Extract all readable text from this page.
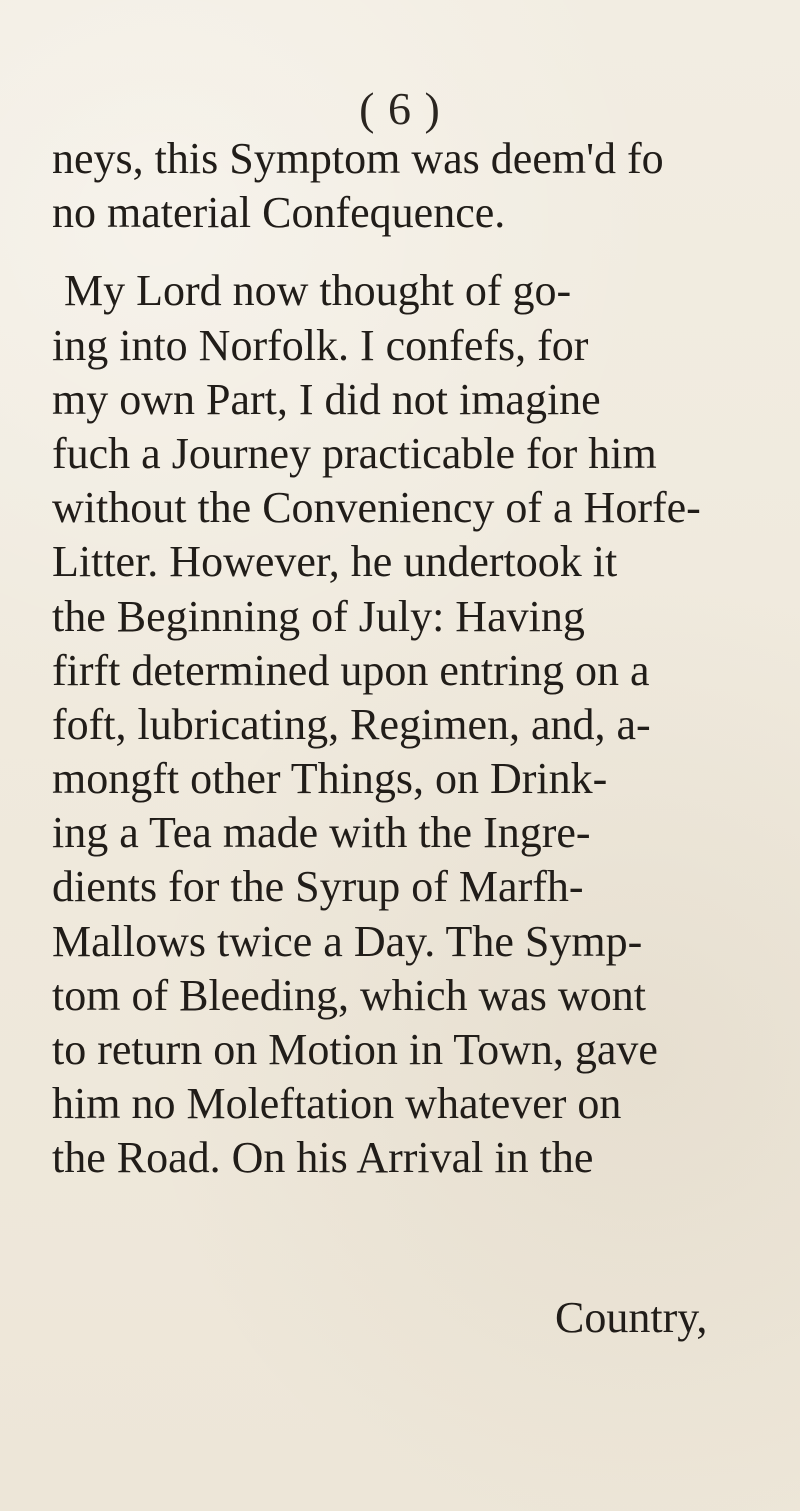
( 6 )
neys, this Symptom was deem'd fo
no material Confequence.
My Lord now thought of go-
ing into Norfolk. I confefs, for
my own Part, I did not imagine
fuch a Journey practicable for him
without the Conveniency of a Horfe-
Litter. However, he undertook it
the Beginning of July: Having
firft determined upon entring on a
foft, lubricating, Regimen, and, a-
mongft other Things, on Drink-
ing a Tea made with the Ingre-
dients for the Syrup of Marfh-
Mallows twice a Day. The Symp-
tom of Bleeding, which was wont
to return on Motion in Town, gave
him no Moleftation whatever on
the Road. On his Arrival in the
Country,
